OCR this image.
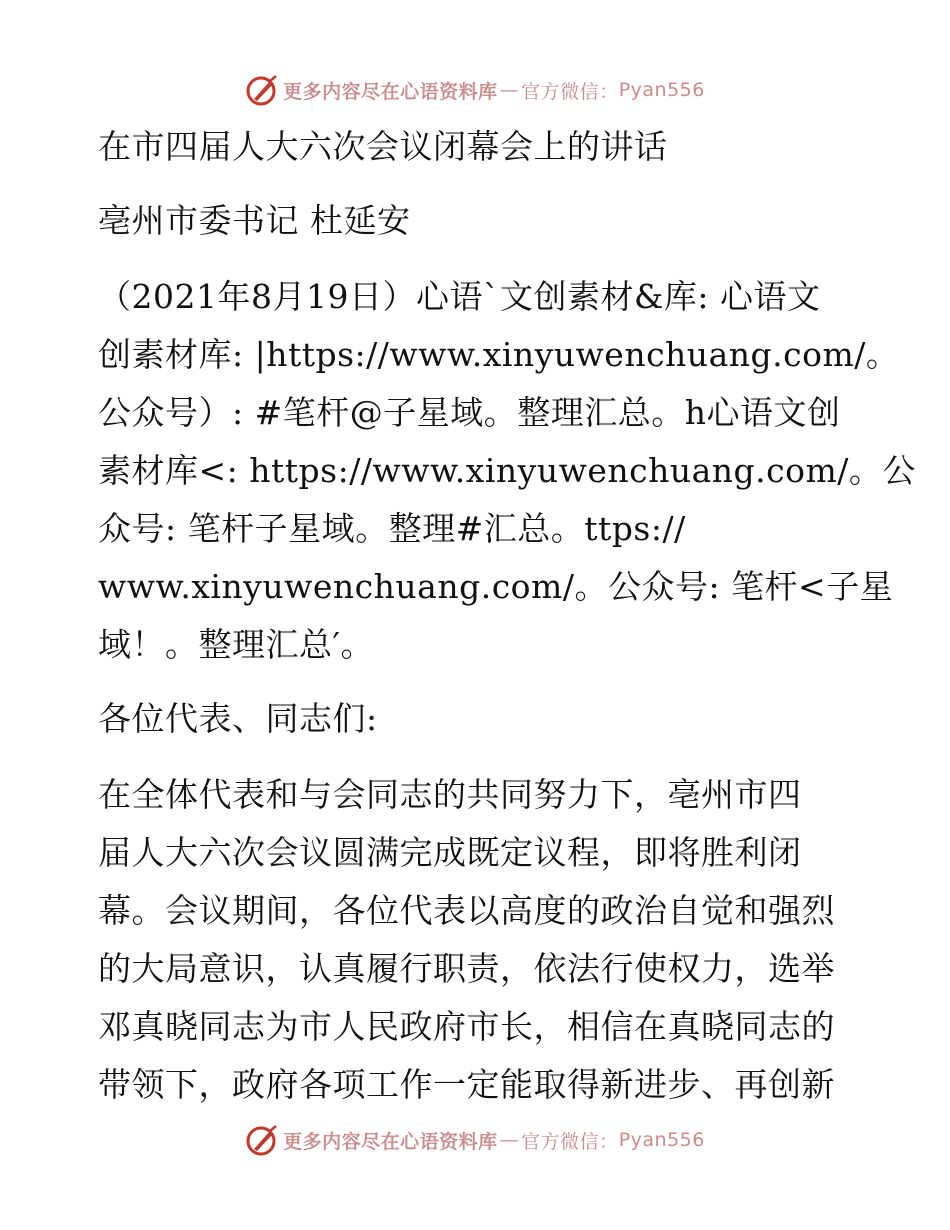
更多内容尽在心语资料库 — 官方微信： Pyan556
在市四届人大六次会议闭幕会上的讲话
亳州市委书记 杜延安
（2021年8月19日）心语`文创素材&库: 心语文
创素材库: |https://www.xinyuwenchuang.com/。
公众号）: #笔杆@子星域。整理汇总。h心语文创
素材库<: https://www.xinyuwenchuang.com/。公
众号: 笔杆子星域。整理#汇总。ttps://
www.xinyuwenchuang.com/。公众号: 笔杆<子星
域！。整理汇总′。
各位代表、同志们:
在全体代表和与会同志的共同努力下，亳州市四
届人大六次会议圆满完成既定议程，即将胜利闭
幕。会议期间，各位代表以高度的政治自觉和强烈
的大局意识，认真履行职责，依法行使权力，选举
邓真晓同志为市人民政府市长，相信在真晓同志的
带领下，政府各项工作一定能取得新进步、再创新
更多内容尽在心语资料库 — 官方微信： Pyan556
